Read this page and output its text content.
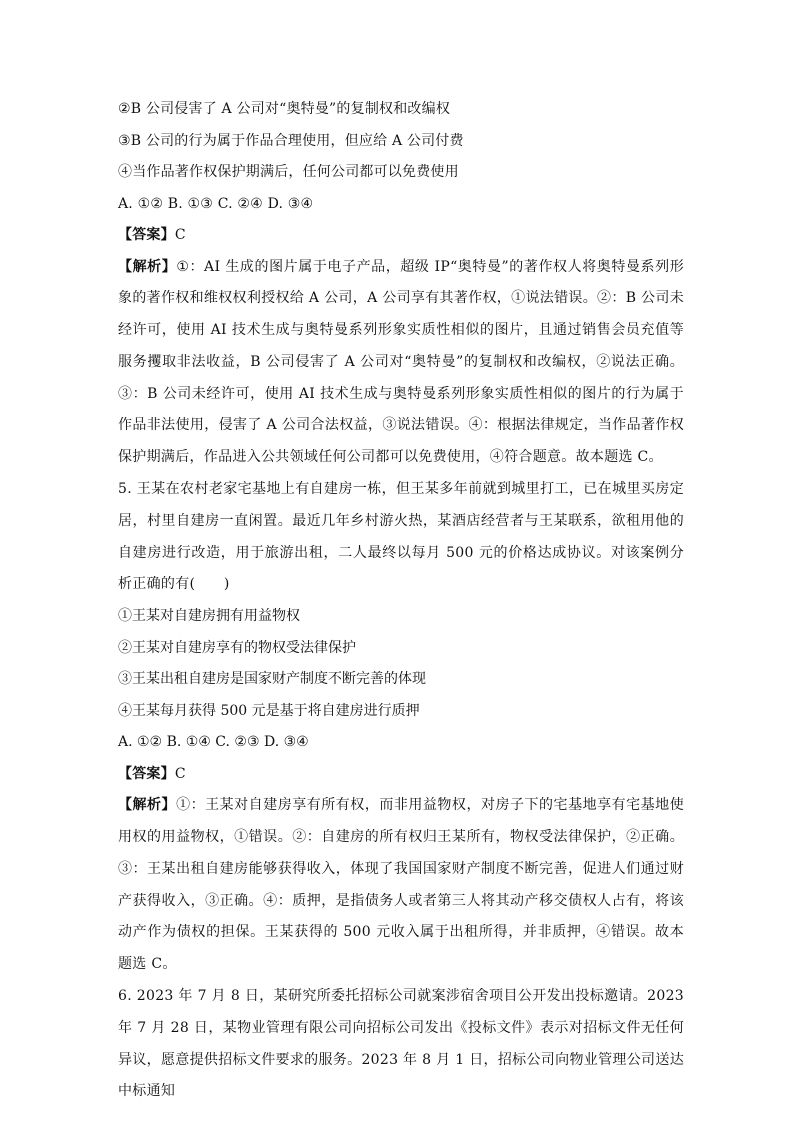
②B 公司侵害了 A 公司对“奥特曼”的复制权和改编权
③B 公司的行为属于作品合理使用，但应给 A 公司付费
④当作品著作权保护期满后，任何公司都可以免费使用
A. ①② B. ①③ C. ②④ D. ③④
【答案】C
【解析】①：AI 生成的图片属于电子产品，超级 IP“奥特曼”的著作权人将奥特曼系列形象的著作权和维权权利授权给 A 公司，A 公司享有其著作权，①说法错误。②：B 公司未经许可，使用 AI 技术生成与奥特曼系列形象实质性相似的图片，且通过销售会员充值等服务攫取非法收益，B 公司侵害了 A 公司对“奥特曼”的复制权和改编权，②说法正确。③：B 公司未经许可，使用 AI 技术生成与奥特曼系列形象实质性相似的图片的行为属于作品非法使用，侵害了 A 公司合法权益，③说法错误。④：根据法律规定，当作品著作权保护期满后，作品进入公共领域任何公司都可以免费使用，④符合题意。故本题选 C。
5. 王某在农村老家宅基地上有自建房一栋，但王某多年前就到城里打工，已在城里买房定居，村里自建房一直闲置。最近几年乡村游火热，某酒店经营者与王某联系，欲租用他的自建房进行改造，用于旅游出租，二人最终以每月 500 元的价格达成协议。对该案例分析正确的有(　　)
①王某对自建房拥有用益物权
②王某对自建房享有的物权受法律保护
③王某出租自建房是国家财产制度不断完善的体现
④王某每月获得 500 元是基于将自建房进行质押
A. ①② B. ①④ C. ②③ D. ③④
【答案】C
【解析】①：王某对自建房享有所有权，而非用益物权，对房子下的宅基地享有宅基地使用权的用益物权，①错误。②：自建房的所有权归王某所有，物权受法律保护，②正确。③：王某出租自建房能够获得收入，体现了我国国家财产制度不断完善，促进人们通过财产获得收入，③正确。④：质押，是指债务人或者第三人将其动产移交债权人占有，将该动产作为债权的担保。王某获得的 500 元收入属于出租所得，并非质押，④错误。故本题选 C。
6. 2023 年 7 月 8 日，某研究所委托招标公司就案涉宿舍项目公开发出投标邀请。2023 年 7 月 28 日，某物业管理有限公司向招标公司发出《投标文件》表示对招标文件无任何异议，愿意提供招标文件要求的服务。2023 年 8 月 1 日，招标公司向物业管理公司送达中标通知
